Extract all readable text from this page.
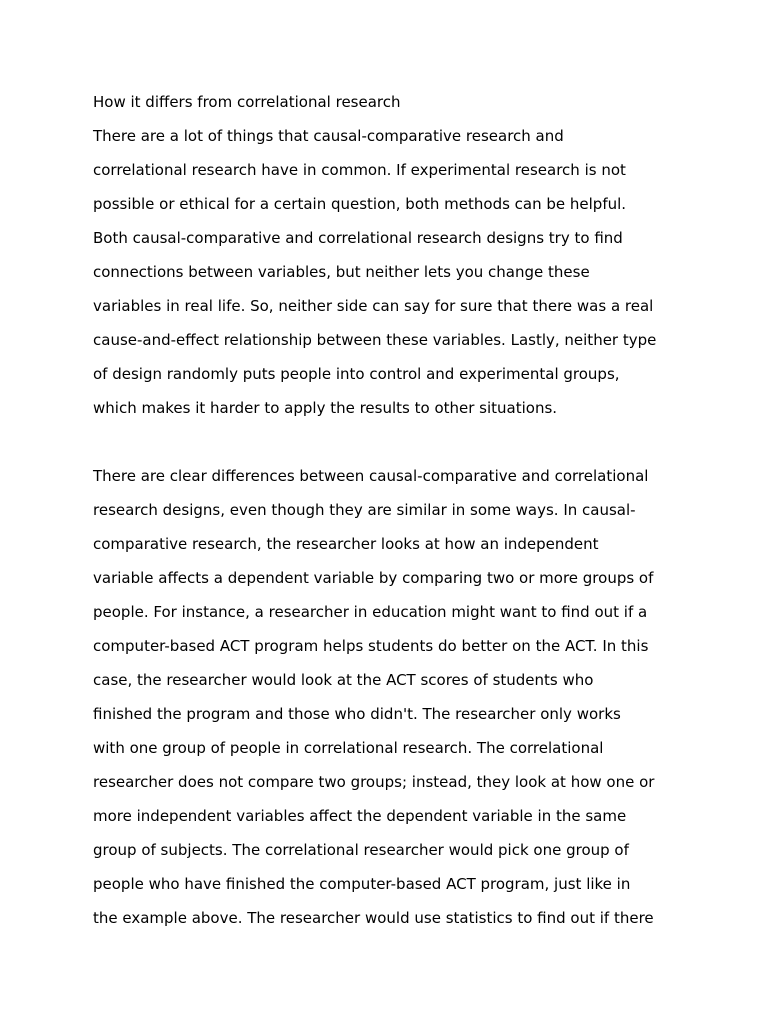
How it differs from correlational research
There are a lot of things that causal-comparative research and
correlational research have in common. If experimental research is not
possible or ethical for a certain question, both methods can be helpful.
Both causal-comparative and correlational research designs try to find
connections between variables, but neither lets you change these
variables in real life. So, neither side can say for sure that there was a real
cause-and-effect relationship between these variables. Lastly, neither type
of design randomly puts people into control and experimental groups,
which makes it harder to apply the results to other situations.
There are clear differences between causal-comparative and correlational
research designs, even though they are similar in some ways. In causal-
comparative research, the researcher looks at how an independent
variable affects a dependent variable by comparing two or more groups of
people. For instance, a researcher in education might want to find out if a
computer-based ACT program helps students do better on the ACT. In this
case, the researcher would look at the ACT scores of students who
finished the program and those who didn't. The researcher only works
with one group of people in correlational research. The correlational
researcher does not compare two groups; instead, they look at how one or
more independent variables affect the dependent variable in the same
group of subjects. The correlational researcher would pick one group of
people who have finished the computer-based ACT program, just like in
the example above. The researcher would use statistics to find out if there
